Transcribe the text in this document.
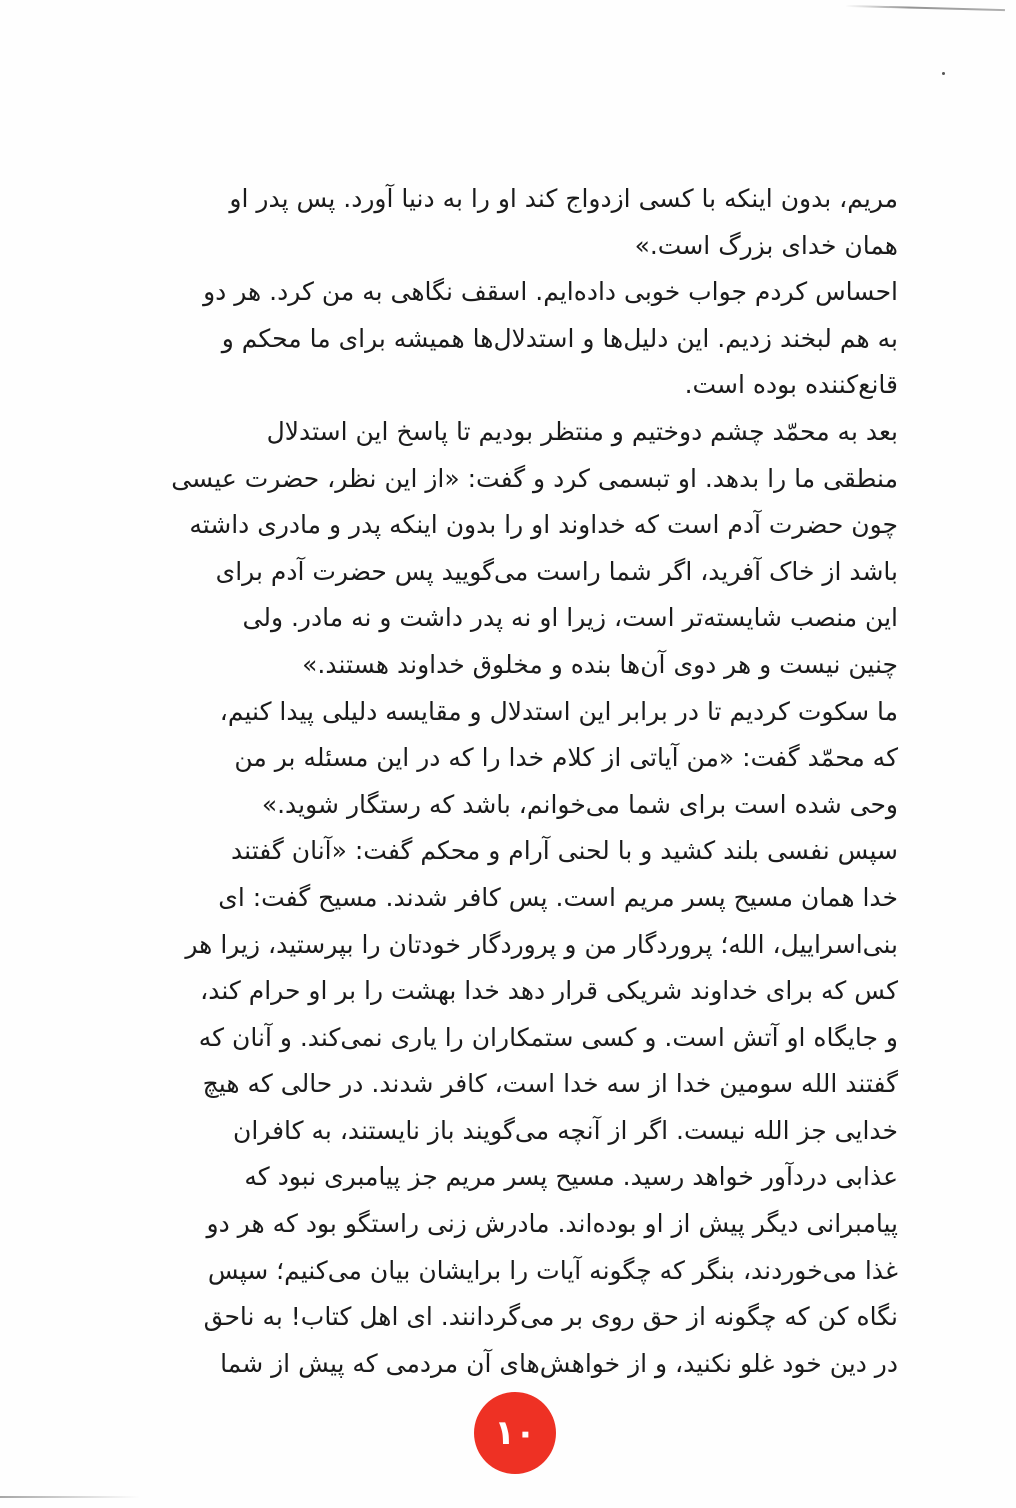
مریم، بدون اینکه با کسی ازدواج کند او را به دنیا آورد. پس پدر او
همان خدای بزرگ است.»
احساس کردم جواب خوبی داده‌ایم. اسقف نگاهی به من کرد. هر دو
به هم لبخند زدیم. این دلیل‌ها و استدلال‌ها همیشه برای ما محکم و
قانع‌کننده بوده است.
بعد به محمّد چشم دوختیم و منتظر بودیم تا پاسخ این استدلال
منطقی ما را بدهد. او تبسمی کرد و گفت: «از این نظر، حضرت عیسی
چون حضرت آدم است که خداوند او را بدون اینکه پدر و مادری داشته
باشد از خاک آفرید، اگر شما راست می‌گویید پس حضرت آدم برای
این منصب شایسته‌تر است، زیرا او نه پدر داشت و نه مادر. ولی
چنین نیست و هر دوی آن‌ها بنده و مخلوق خداوند هستند.»
ما سکوت کردیم تا در برابر این استدلال و مقایسه دلیلی پیدا کنیم،
که محمّد گفت: «من آیاتی از کلام خدا را که در این مسئله بر من
وحی شده است برای شما می‌خوانم، باشد که رستگار شوید.»
سپس نفسی بلند کشید و با لحنی آرام و محکم گفت: «آنان گفتند
خدا همان مسیح پسر مریم است. پس کافر شدند. مسیح گفت: ای
بنی‌اسراییل، الله؛ پروردگار من و پروردگار خودتان را بپرستید، زیرا هر
کس که برای خداوند شریکی قرار دهد خدا بهشت را بر او حرام کند،
و جایگاه او آتش است. و کسی ستمکاران را یاری نمی‌کند. و آنان که
گفتند الله سومین خدا از سه خدا است، کافر شدند. در حالی که هیچ
خدایی جز الله نیست. اگر از آنچه می‌گویند باز نایستند، به کافران
عذابی دردآور خواهد رسید. مسیح پسر مریم جز پیامبری نبود که
پیامبرانی دیگر پیش از او بوده‌اند. مادرش زنی راستگو بود که هر دو
غذا می‌خوردند، بنگر که چگونه آیات را برایشان بیان می‌کنیم؛ سپس
نگاه کن که چگونه از حق روی بر می‌گردانند. ای اهل کتاب! به ناحق
در دین خود غلو نکنید، و از خواهش‌های آن مردمی که پیش از شما
۱۰
